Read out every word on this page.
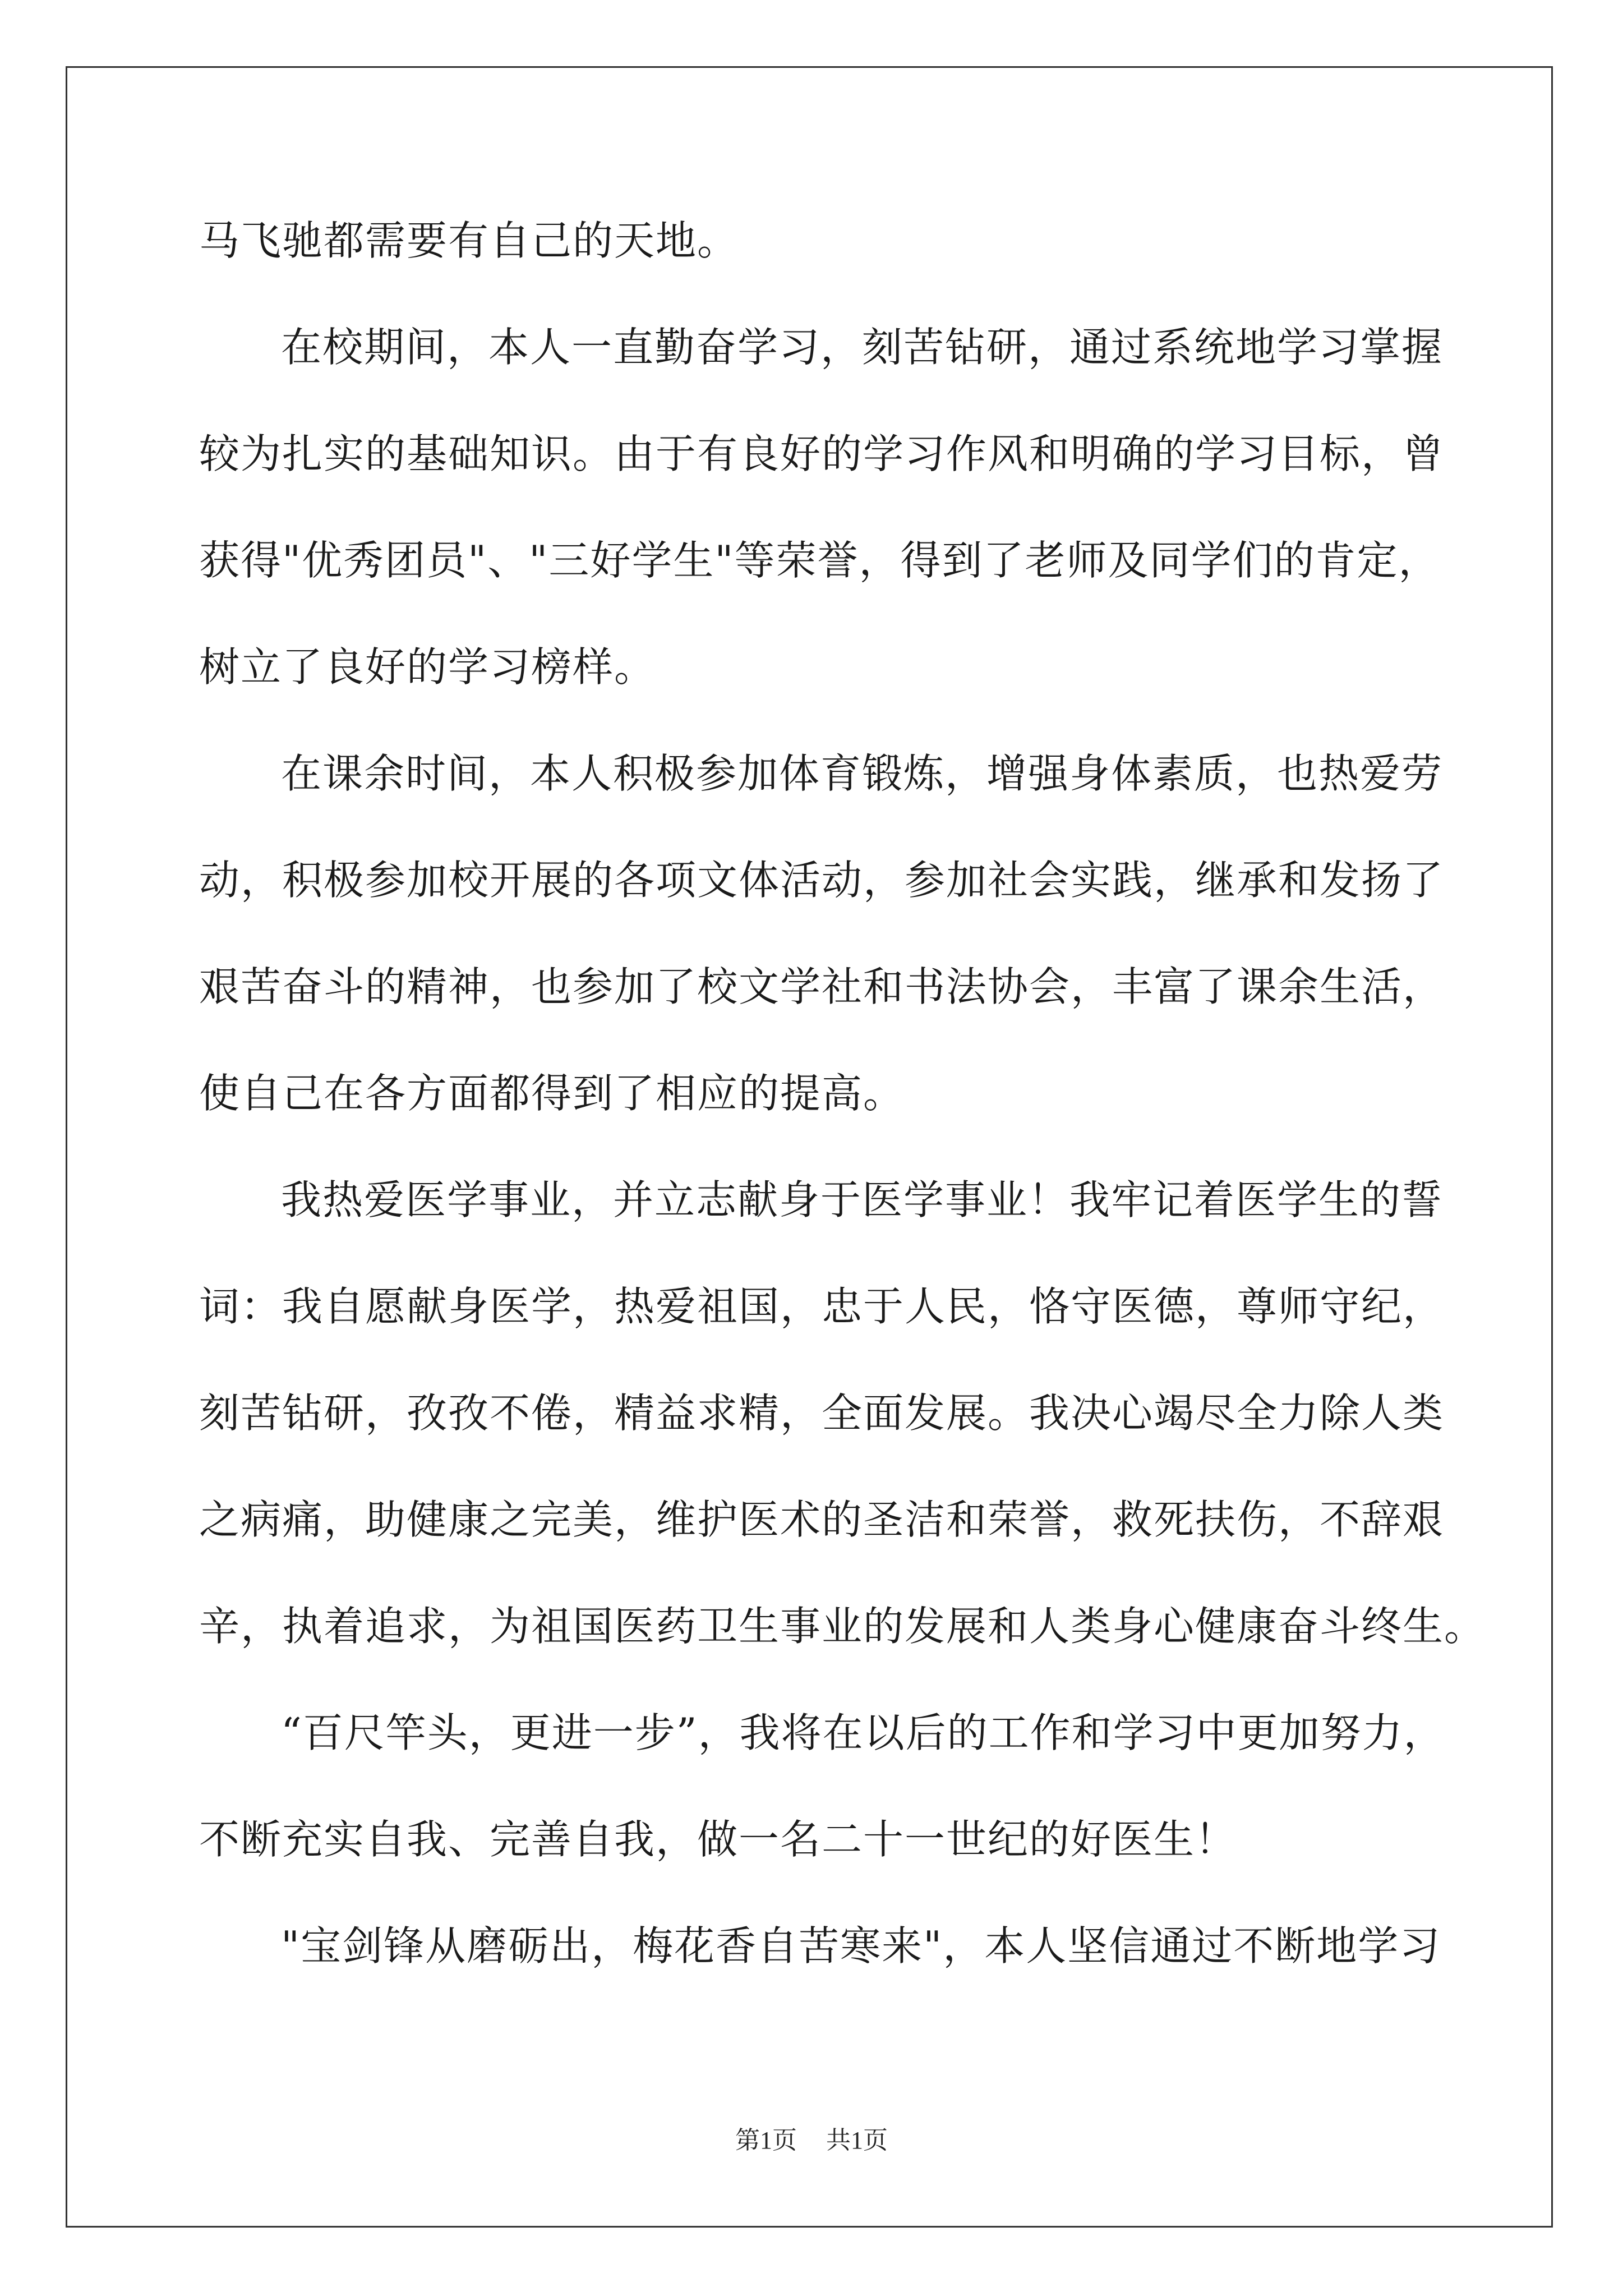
马飞驰都需要有自己的天地。
在校期间，本人一直勤奋学习，刻苦钻研，通过系统地学习掌握
较为扎实的基础知识。由于有良好的学习作风和明确的学习目标，曾
获得"优秀团员"、"三好学生"等荣誉，得到了老师及同学们的肯定，
树立了良好的学习榜样。
在课余时间，本人积极参加体育锻炼，增强身体素质，也热爱劳
动，积极参加校开展的各项文体活动，参加社会实践，继承和发扬了
艰苦奋斗的精神，也参加了校文学社和书法协会，丰富了课余生活，
使自己在各方面都得到了相应的提高。
我热爱医学事业，并立志献身于医学事业！我牢记着医学生的誓
词：我自愿献身医学，热爱祖国，忠于人民，恪守医德，尊师守纪，
刻苦钻研，孜孜不倦，精益求精，全面发展。我决心竭尽全力除人类
之病痛，助健康之完美，维护医术的圣洁和荣誉，救死扶伤，不辞艰
辛，执着追求，为祖国医药卫生事业的发展和人类身心健康奋斗终生。
“百尺竿头，更进一步”，我将在以后的工作和学习中更加努力，
不断充实自我、完善自我，做一名二十一世纪的好医生！
"宝剑锋从磨砺出，梅花香自苦寒来"，本人坚信通过不断地学习
第1页 共1页
